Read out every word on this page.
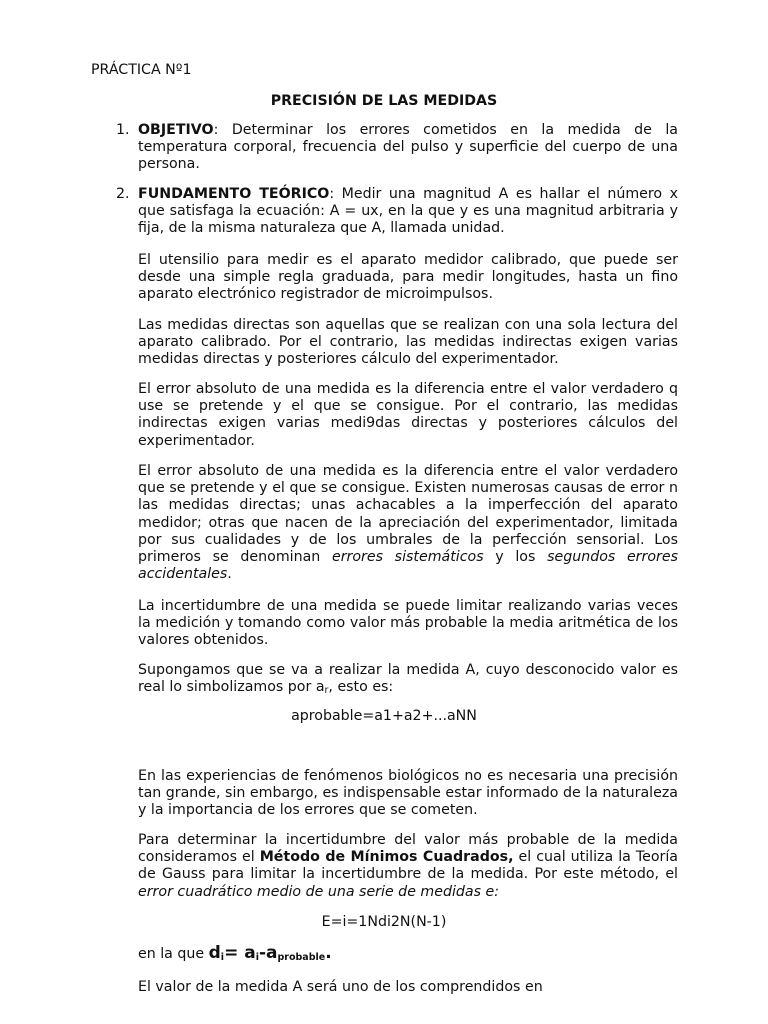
PRÁCTICA Nº1
PRECISIÓN DE LAS MEDIDAS
1. OBJETIVO: Determinar los errores cometidos en la medida de la temperatura corporal, frecuencia del pulso y superficie del cuerpo de una persona.
2. FUNDAMENTO TEÓRICO: Medir una magnitud A es hallar el número x que satisfaga la ecuación: A = ux, en la que y es una magnitud arbitraria y fija, de la misma naturaleza que A, llamada unidad.
El utensilio para medir es el aparato medidor calibrado, que puede ser desde una simple regla graduada, para medir longitudes, hasta un fino aparato electrónico registrador de microimpulsos.
Las medidas directas son aquellas que se realizan con una sola lectura del aparato calibrado. Por el contrario, las medidas indirectas exigen varias medidas directas y posteriores cálculo del experimentador.
El error absoluto de una medida es la diferencia entre el valor verdadero q use se pretende y el que se consigue. Por el contrario, las medidas indirectas exigen varias medi9das directas y posteriores cálculos del experimentador.
El error absoluto de una medida es la diferencia entre el valor verdadero que se pretende y el que se consigue. Existen numerosas causas de error n las medidas directas; unas achacables a la imperfección del aparato medidor; otras que nacen de la apreciación del experimentador, limitada por sus cualidades y de los umbrales de la perfección sensorial. Los primeros se denominan errores sistemáticos y los segundos errores accidentales.
La incertidumbre de una medida se puede limitar realizando varias veces la medición y tomando como valor más probable la media aritmética de los valores obtenidos.
Supongamos que se va a realizar la medida A, cuyo desconocido valor es real lo simbolizamos por $a_r$, esto es:
aprobable=a1+a2+...aNN
En las experiencias de fenómenos biológicos no es necesaria una precisión tan grande, sin embargo, es indispensable estar informado de la naturaleza y la importancia de los errores que se cometen.
Para determinar la incertidumbre del valor más probable de la medida consideramos el Método de Mínimos Cuadrados, el cual utiliza la Teoría de Gauss para limitar la incertidumbre de la medida. Por este método, el error cuadrático medio de una serie de medidas e:
E=i=1Ndi2N(N-1)
en la que di= ai-aprobable.
El valor de la medida A será uno de los comprendidos en
